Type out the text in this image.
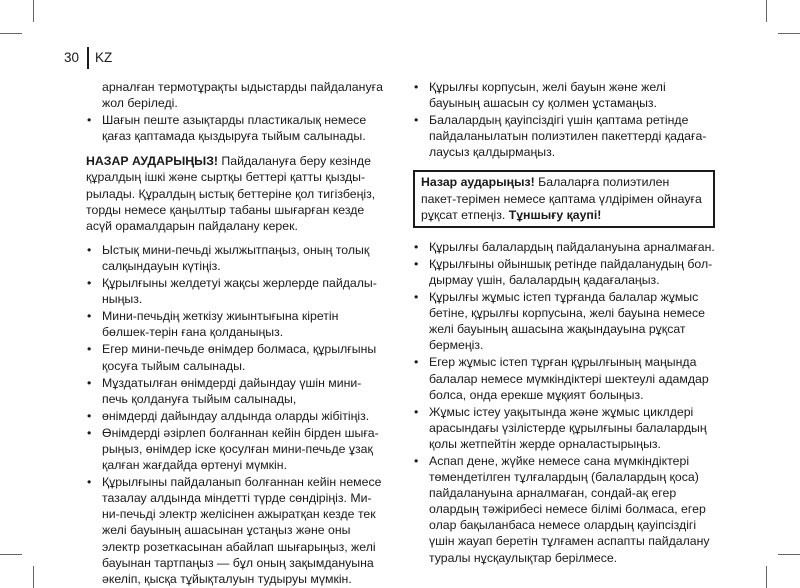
30 KZ
арналған термотұрақты ыдыстарды пайдалануға жол беріледі.
• Шағын пеште азықтарды пластикалық немесе қағаз қаптамада қыздыруға тыйым салынады.
НАЗАР АУДАРЫҢЫЗ! Пайдалануға беру кезінде құралдың ішкі және сыртқы беттері қатты қызды-рылады. Құралдың ыстық беттеріне қол тигізбеңіз, торды немесе қаңылтыр табаны шығарған кезде асүй орамалдарын пайдалану керек.
• Ыстық мини-печьді жылжытпаңыз, оның толық салқындауын күтіңіз.
• Құрылғыны желдетуі жақсы жерлерде пайдалы-ныңыз.
• Мини-печьдің жеткізу жиынтығына кіретін бөлшек-терін ғана қолданыңыз.
• Егер мини-печьде өнімдер болмаса, құрылғыны қосуға тыйым салынады.
• Мұздатылған өнімдерді дайындау үшін мини-печь қолдануға тыйым салынады,
• өнімдерді дайындау алдында оларды жібітіңіз.
• Өнімдерді әзірлеп болғаннан кейін бірден шыға-рыңыз, өнімдер іске қосулған мини-печьде ұзақ қалған жағдайда өртенуі мүмкін.
• Құрылғыны пайдаланып болғаннан кейін немесе тазалау алдында міндетті түрде сөндіріңіз. Ми-ни-печьді электр желісінен ажыратқан кезде тек желі бауының ашасынан ұстаңыз және оны электр розеткасынан абайлап шығарыңыз, желі бауынан тартпаңыз — бұл оның зақымдануына әкеліп, қысқа тұйықталуын тудыруы мүмкін.
• Құрылғы корпусын, желі бауын және желі бауының ашасын су қолмен ұстамаңыз.
• Балалардың қауіпсіздігі үшін қаптама ретінде пайдаланылатын полиэтилен пакеттерді қадаға-лаусыз қалдырмаңыз.
Назар аударыңыз! Балаларға полиэтилен пакет-терімен немесе қаптама үлдірімен ойнауға рұқсат етпеңіз. Тұншығу қаупі!
• Құрылғы балалардың пайдалануына арналмаған.
• Құрылғыны ойыншық ретінде пайдаланудың бол-дырмау үшін, балалардың қадағалаңыз.
• Құрылғы жұмыс істеп тұрғанда балалар жұмыс бетіне, құрылғы корпусына, желі бауына немесе желі бауының ашасына жақындауына рұқсат бермеңіз.
• Егер жұмыс істеп тұрған құрылғының маңында балалар немесе мүмкіндіктері шектеулі адамдар болса, онда ерекше мұқият болыңыз.
• Жұмыс істеу уақытында және жұмыс циклдері арасындағы үзілістерде құрылғыны балалардың қолы жетпейтін жерде орналастырыңыз.
• Аспап дене, жүйке немесе сана мүмкіндіктері төмендетілген тұлғалардың (балалардың қоса) пайдалануына арналмаған, сондай-ақ егер олардың тәжірибесі немесе білімі болмаса, егер олар бақыланбаса немесе олардың қауіпсіздігі үшін жауап беретін тұлғамен аспапты пайдалану туралы нұсқаулықтар берілмесе.
